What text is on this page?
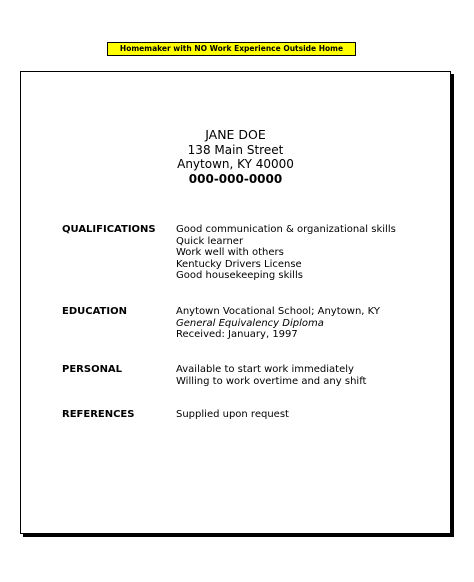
Homemaker with NO Work Experience Outside Home
JANE DOE
138 Main Street
Anytown, KY 40000
000-000-0000
QUALIFICATIONS Good communication & organizational skills
Quick learner
Work well with others
Kentucky Drivers License
Good housekeeping skills
EDUCATION	Anytown Vocational School; Anytown, KY
General Equivalency Diploma
Received: January, 1997
PERSONAL	Available to start work immediately
Willing to work overtime and any shift
REFERENCES	Supplied upon request
